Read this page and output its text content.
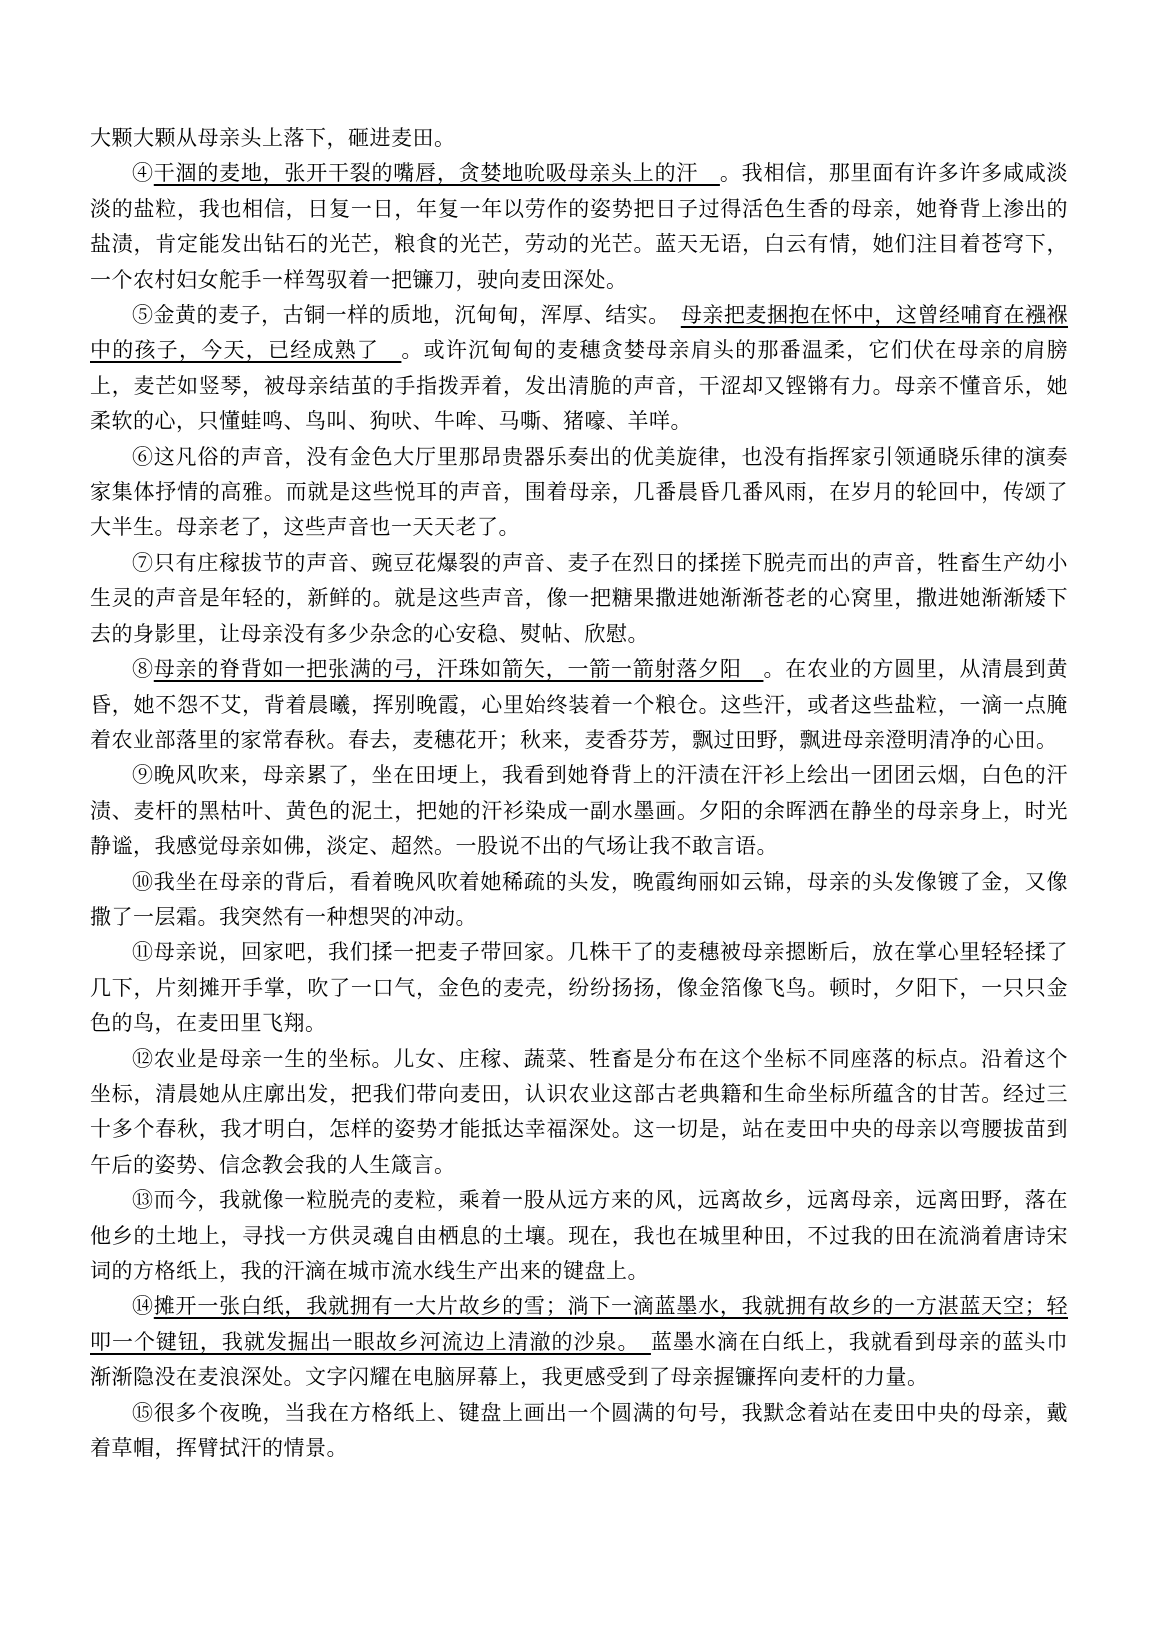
大颗大颗从母亲头上落下，砸进麦田。

④干涸的麦地，张开干裂的嘴唇，贪婪地吮吸母亲头上的汗　。我相信，那里面有许多许多咸咸淡淡的盐粒，我也相信，日复一日，年复一年以劳作的姿势把日子过得活色生香的母亲，她脊背上渗出的盐渍，肯定能发出钻石的光芒，粮食的光芒，劳动的光芒。蓝天无语，白云有情，她们注目着苍穹下，一个农村妇女舵手一样驾驭着一把镰刀，驶向麦田深处。

⑤金黄的麦子，古铜一样的质地，沉甸甸，浑厚、结实。　母亲把麦捆抱在怀中，这曾经哺育在襁褓中的孩子，今天，已经成熟了　。或许沉甸甸的麦穗贪婪母亲肩头的那番温柔，它们伏在母亲的肩膀上，麦芒如竖琴，被母亲结茧的手指拨弄着，发出清脆的声音，干涩却又铿锵有力。母亲不懂音乐，她柔软的心，只懂蛙鸣、鸟叫、狗吠、牛哞、马嘶、猪嚎、羊咩。

⑥这凡俗的声音，没有金色大厅里那昂贵器乐奏出的优美旋律，也没有指挥家引领通晓乐律的演奏家集体抒情的高雅。而就是这些悦耳的声音，围着母亲，几番晨昏几番风雨，在岁月的轮回中，传颂了大半生。母亲老了，这些声音也一天天老了。

⑦只有庄稼拔节的声音、豌豆花爆裂的声音、麦子在烈日的揉搓下脱壳而出的声音，牲畜生产幼小生灵的声音是年轻的，新鲜的。就是这些声音，像一把糖果撒进她渐渐苍老的心窝里，撒进她渐渐矮下去的身影里，让母亲没有多少杂念的心安稳、熨帖、欣慰。

⑧母亲的脊背如一把张满的弓，汗珠如箭矢，一箭一箭射落夕阳　。在农业的方圆里，从清晨到黄昏，她不怨不艾，背着晨曦，挥别晚霞，心里始终装着一个粮仓。这些汗，或者这些盐粒，一滴一点腌着农业部落里的家常春秋。春去，麦穗花开；秋来，麦香芬芳，飘过田野，飘进母亲澄明清净的心田。

⑨晚风吹来，母亲累了，坐在田埂上，我看到她脊背上的汗渍在汗衫上绘出一团团云烟，白色的汗渍、麦杆的黑枯叶、黄色的泥土，把她的汗衫染成一副水墨画。夕阳的余晖洒在静坐的母亲身上，时光静谧，我感觉母亲如佛，淡定、超然。一股说不出的气场让我不敢言语。

⑩我坐在母亲的背后，看着晚风吹着她稀疏的头发，晚霞绚丽如云锦，母亲的头发像镀了金，又像撒了一层霜。我突然有一种想哭的冲动。

⑪母亲说，回家吧，我们揉一把麦子带回家。几株干了的麦穗被母亲摁断后，放在掌心里轻轻揉了几下，片刻摊开手掌，吹了一口气，金色的麦壳，纷纷扬扬，像金箔像飞鸟。顿时，夕阳下，一只只金色的鸟，在麦田里飞翔。

⑫农业是母亲一生的坐标。儿女、庄稼、蔬菜、牲畜是分布在这个坐标不同座落的标点。沿着这个坐标，清晨她从庄廓出发，把我们带向麦田，认识农业这部古老典籍和生命坐标所蕴含的甘苦。经过三十多个春秋，我才明白，怎样的姿势才能抵达幸福深处。这一切是，站在麦田中央的母亲以弯腰拔苗到午后的姿势、信念教会我的人生箴言。

⑬而今，我就像一粒脱壳的麦粒，乘着一股从远方来的风，远离故乡，远离母亲，远离田野，落在他乡的土地上，寻找一方供灵魂自由栖息的土壤。现在，我也在城里种田，不过我的田在流淌着唐诗宋词的方格纸上，我的汗滴在城市流水线生产出来的键盘上。

⑭摊开一张白纸，我就拥有一大片故乡的雪；淌下一滴蓝墨水，我就拥有故乡的一方湛蓝天空；轻叩一个键钮，我就发掘出一眼故乡河流边上清澈的沙泉。　蓝墨水滴在白纸上，我就看到母亲的蓝头巾渐渐隐没在麦浪深处。文字闪耀在电脑屏幕上，我更感受到了母亲握镰挥向麦杆的力量。

⑮很多个夜晚，当我在方格纸上、键盘上画出一个圆满的句号，我默念着站在麦田中央的母亲，戴着草帽，挥臂拭汗的情景。
